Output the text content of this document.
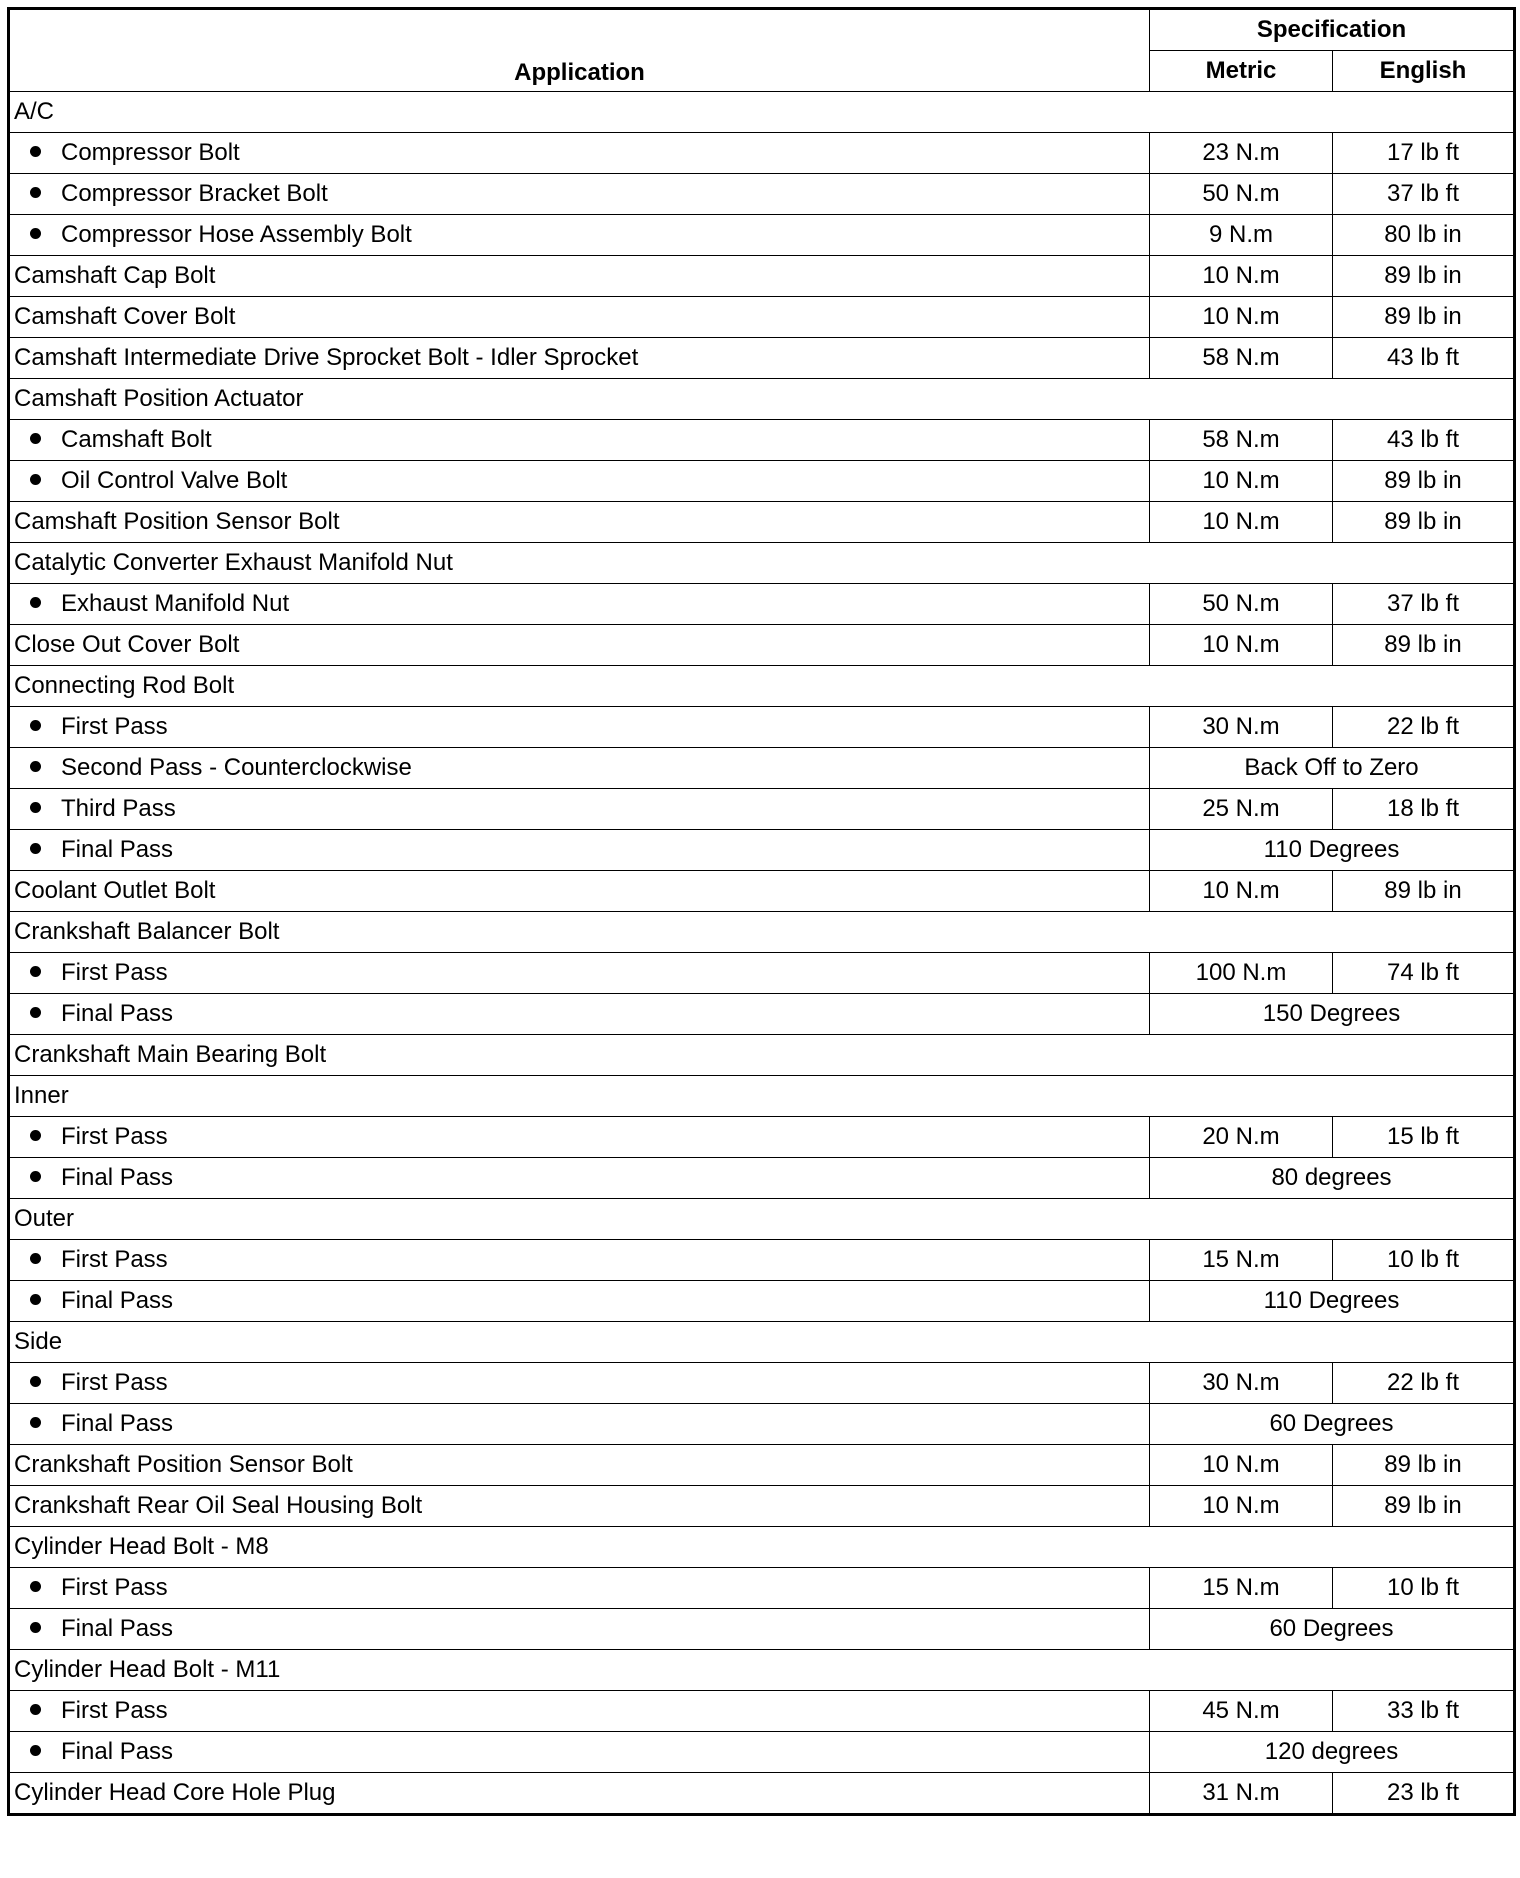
Application	Specification	
	Metric	English
A/C		
Compressor Bolt	23 N.m	17 lb ft
Compressor Bracket Bolt	50 N.m	37 lb ft
Compressor Hose Assembly Bolt	9 N.m	80 lb in
Camshaft Cap Bolt	10 N.m	89 lb in
Camshaft Cover Bolt	10 N.m	89 lb in
Camshaft Intermediate Drive Sprocket Bolt - Idler Sprocket	58 N.m	43 lb ft
Camshaft Position Actuator		
Camshaft Bolt	58 N.m	43 lb ft
Oil Control Valve Bolt	10 N.m	89 lb in
Camshaft Position Sensor Bolt	10 N.m	89 lb in
Catalytic Converter Exhaust Manifold Nut		
Exhaust Manifold Nut	50 N.m	37 lb ft
Close Out Cover Bolt	10 N.m	89 lb in
Connecting Rod Bolt		
First Pass	30 N.m	22 lb ft
Second Pass - Counterclockwise	Back Off to Zero	
Third Pass	25 N.m	18 lb ft
Final Pass	110 Degrees	
Coolant Outlet Bolt	10 N.m	89 lb in
Crankshaft Balancer Bolt		
First Pass	100 N.m	74 lb ft
Final Pass	150 Degrees	
Crankshaft Main Bearing Bolt		
Inner		
First Pass	20 N.m	15 lb ft
Final Pass	80 degrees	
Outer		
First Pass	15 N.m	10 lb ft
Final Pass	110 Degrees	
Side		
First Pass	30 N.m	22 lb ft
Final Pass	60 Degrees	
Crankshaft Position Sensor Bolt	10 N.m	89 lb in
Crankshaft Rear Oil Seal Housing Bolt	10 N.m	89 lb in
Cylinder Head Bolt - M8		
First Pass	15 N.m	10 lb ft
Final Pass	60 Degrees	
Cylinder Head Bolt - M11		
First Pass	45 N.m	33 lb ft
Final Pass	120 degrees	
Cylinder Head Core Hole Plug	31 N.m	23 lb ft
